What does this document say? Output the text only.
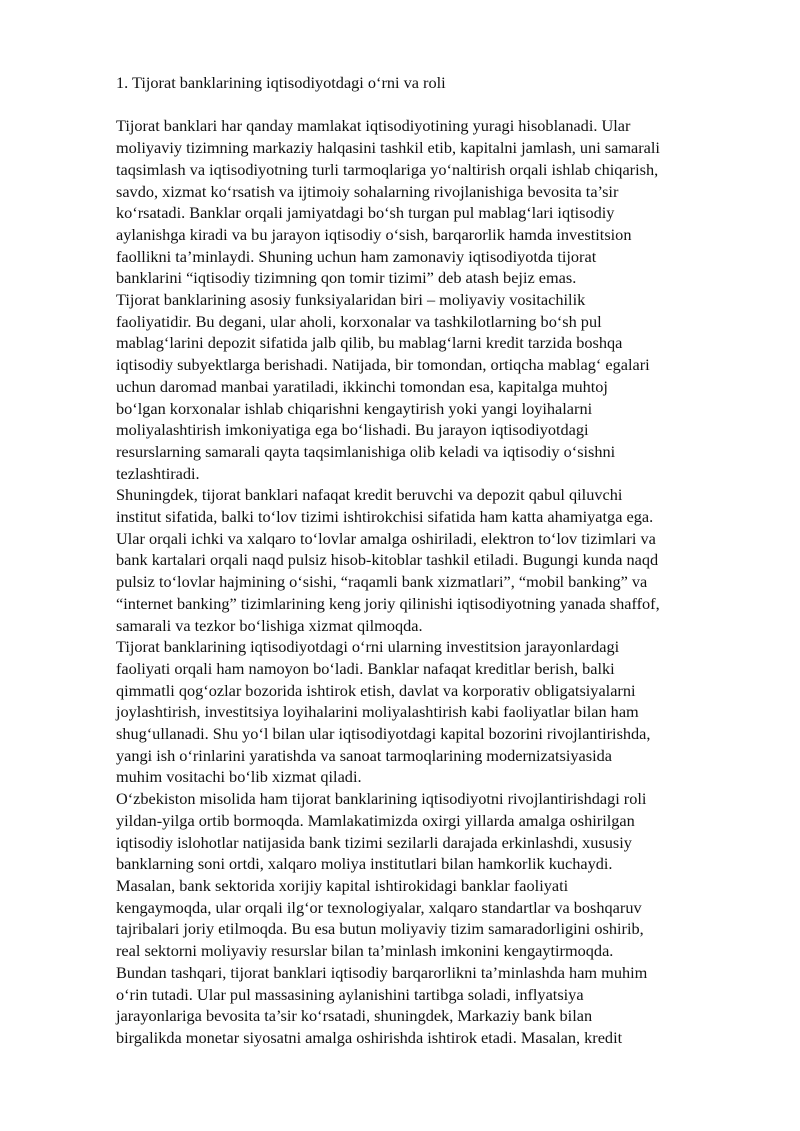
1. Tijorat banklarining iqtisodiyotdagi o‘rni va roli

Tijorat banklari har qanday mamlakat iqtisodiyotining yuragi hisoblanadi. Ular
moliyaviy tizimning markaziy halqasini tashkil etib, kapitalni jamlash, uni samarali
taqsimlash va iqtisodiyotning turli tarmoqlariga yo‘naltirish orqali ishlab chiqarish,
savdo, xizmat ko‘rsatish va ijtimoiy sohalarning rivojlanishiga bevosita ta’sir
ko‘rsatadi. Banklar orqali jamiyatdagi bo‘sh turgan pul mablag‘lari iqtisodiy
aylanishga kiradi va bu jarayon iqtisodiy o‘sish, barqarorlik hamda investitsion
faollikni ta’minlaydi. Shuning uchun ham zamonaviy iqtisodiyotda tijorat
banklarini “iqtisodiy tizimning qon tomir tizimi” deb atash bejiz emas.

Tijorat banklarining asosiy funksiyalaridan biri – moliyaviy vositachilik
faoliyatidir. Bu degani, ular aholi, korxonalar va tashkilotlarning bo‘sh pul
mablag‘larini depozit sifatida jalb qilib, bu mablag‘larni kredit tarzida boshqa
iqtisodiy subyektlarga berishadi. Natijada, bir tomondan, ortiqcha mablag‘ egalari
uchun daromad manbai yaratiladi, ikkinchi tomondan esa, kapitalga muhtoj
bo‘lgan korxonalar ishlab chiqarishni kengaytirish yoki yangi loyihalarni
moliyalashtirish imkoniyatiga ega bo‘lishadi. Bu jarayon iqtisodiyotdagi
resurslarning samarali qayta taqsimlanishiga olib keladi va iqtisodiy o‘sishni
tezlashtiradi.

Shuningdek, tijorat banklari nafaqat kredit beruvchi va depozit qabul qiluvchi
institut sifatida, balki to‘lov tizimi ishtirokchisi sifatida ham katta ahamiyatga ega.
Ular orqali ichki va xalqaro to‘lovlar amalga oshiriladi, elektron to‘lov tizimlari va
bank kartalari orqali naqd pulsiz hisob-kitoblar tashkil etiladi. Bugungi kunda naqd
pulsiz to‘lovlar hajmining o‘sishi, “raqamli bank xizmatlari”, “mobil banking” va
“internet banking” tizimlarining keng joriy qilinishi iqtisodiyotning yanada shaffof,
samarali va tezkor bo‘lishiga xizmat qilmoqda.

Tijorat banklarining iqtisodiyotdagi o‘rni ularning investitsion jarayonlardagi
faoliyati orqali ham namoyon bo‘ladi. Banklar nafaqat kreditlar berish, balki
qimmatli qog‘ozlar bozorida ishtirok etish, davlat va korporativ obligatsiyalarni
joylashtirish, investitsiya loyihalarini moliyalashtirish kabi faoliyatlar bilan ham
shug‘ullanadi. Shu yo‘l bilan ular iqtisodiyotdagi kapital bozorini rivojlantirishda,
yangi ish o‘rinlarini yaratishda va sanoat tarmoqlarining modernizatsiyasida
muhim vositachi bo‘lib xizmat qiladi.

O‘zbekiston misolida ham tijorat banklarining iqtisodiyotni rivojlantirishdagi roli
yildan-yilga ortib bormoqda. Mamlakatimizda oxirgi yillarda amalga oshirilgan
iqtisodiy islohotlar natijasida bank tizimi sezilarli darajada erkinlashdi, xususiy
banklarning soni ortdi, xalqaro moliya institutlari bilan hamkorlik kuchaydi.
Masalan, bank sektorida xorijiy kapital ishtirokidagi banklar faoliyati
kengaymoqda, ular orqali ilg‘or texnologiyalar, xalqaro standartlar va boshqaruv
tajribalari joriy etilmoqda. Bu esa butun moliyaviy tizim samaradorligini oshirib,
real sektorni moliyaviy resurslar bilan ta’minlash imkonini kengaytirmoqda.

Bundan tashqari, tijorat banklari iqtisodiy barqarorlikni ta’minlashda ham muhim
o‘rin tutadi. Ular pul massasining aylanishini tartibga soladi, inflyatsiya
jarayonlariga bevosita ta’sir ko‘rsatadi, shuningdek, Markaziy bank bilan
birgalikda monetar siyosatni amalga oshirishda ishtirok etadi. Masalan, kredit
